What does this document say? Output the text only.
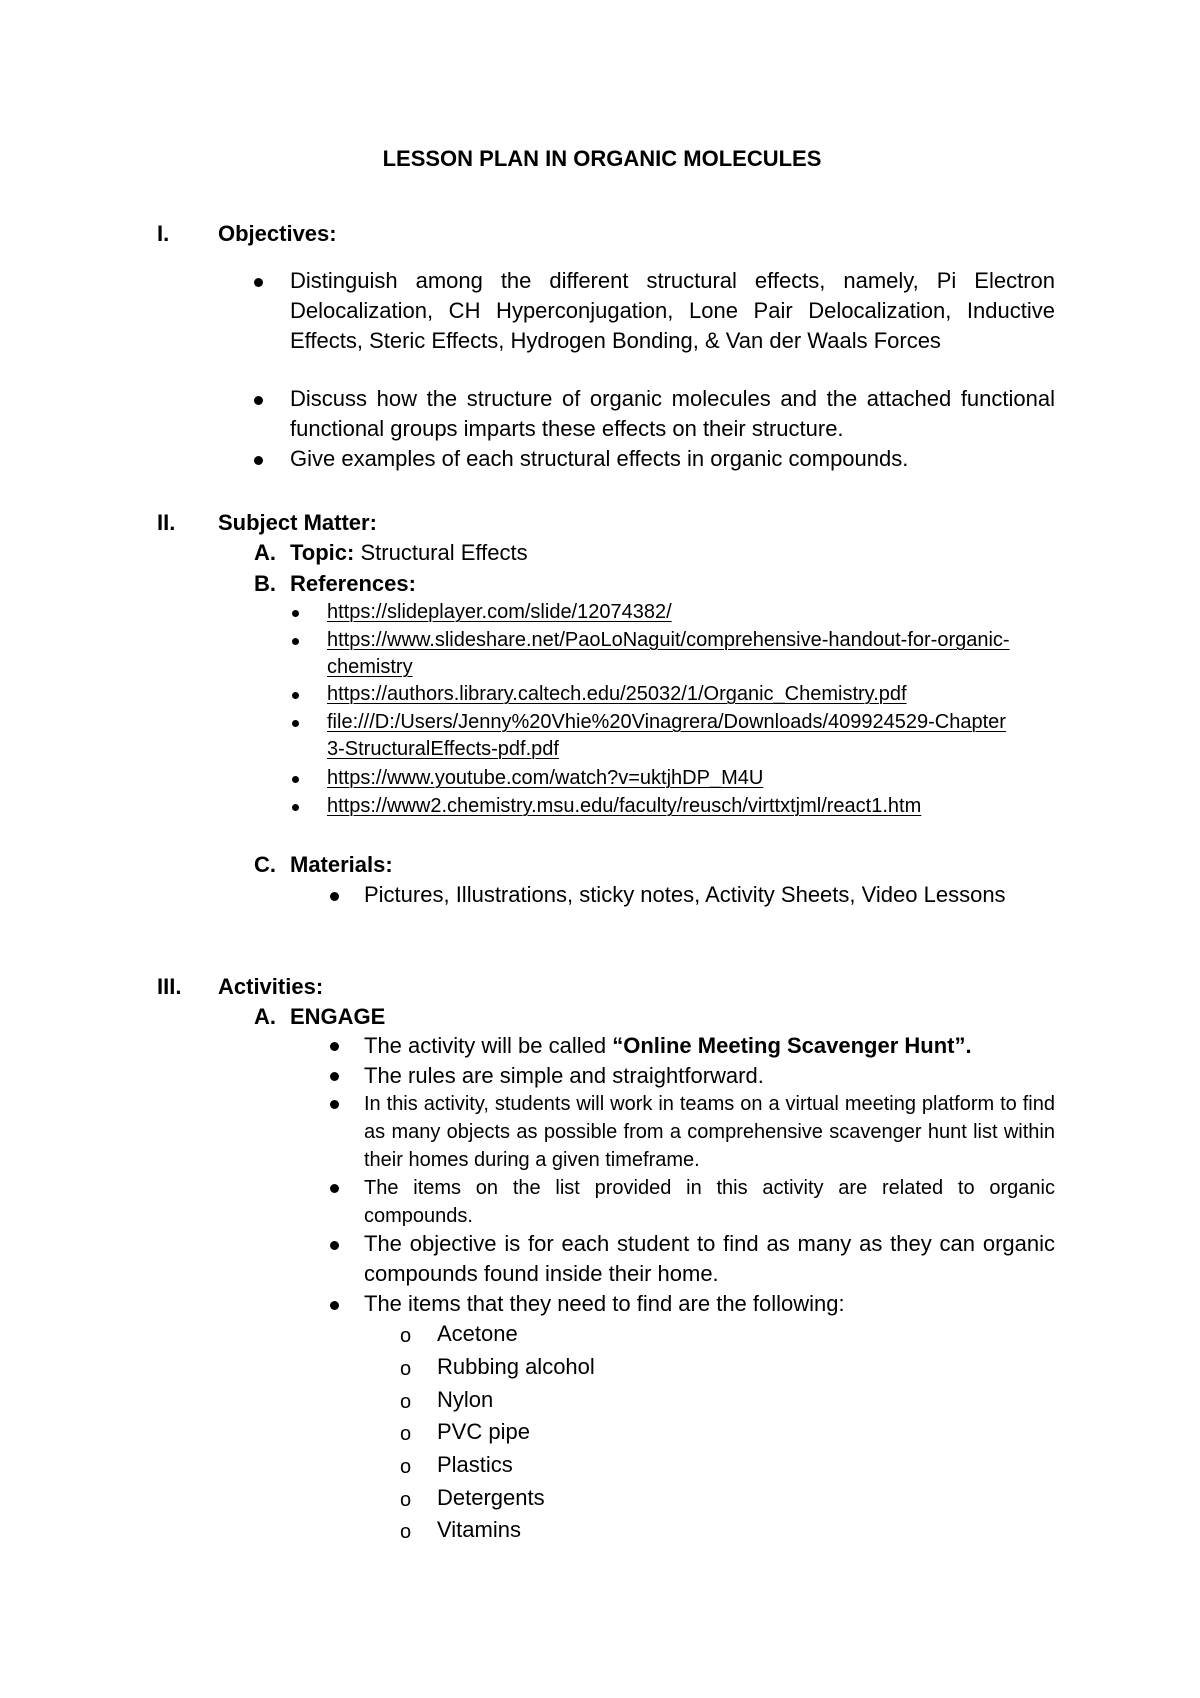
LESSON PLAN IN ORGANIC MOLECULES
I. Objectives:
Distinguish among the different structural effects, namely, Pi Electron Delocalization, CH Hyperconjugation, Lone Pair Delocalization, Inductive Effects, Steric Effects, Hydrogen Bonding, & Van der Waals Forces
Discuss how the structure of organic molecules and the attached functional functional groups imparts these effects on their structure.
Give examples of each structural effects in organic compounds.
II. Subject Matter:
A. Topic: Structural Effects
B. References:
https://slideplayer.com/slide/12074382/
https://www.slideshare.net/PaoLoNaguit/comprehensive-handout-for-organic-chemistry
https://authors.library.caltech.edu/25032/1/Organic_Chemistry.pdf
file:///D:/Users/Jenny%20Vhie%20Vinagrera/Downloads/409924529-Chapter3-StructuralEffects-pdf.pdf
https://www.youtube.com/watch?v=uktjhDP_M4U
https://www2.chemistry.msu.edu/faculty/reusch/virttxtjml/react1.htm
C. Materials:
Pictures, Illustrations, sticky notes, Activity Sheets, Video Lessons
III. Activities:
A. ENGAGE
The activity will be called “Online Meeting Scavenger Hunt”.
The rules are simple and straightforward.
In this activity, students will work in teams on a virtual meeting platform to find as many objects as possible from a comprehensive scavenger hunt list within their homes during a given timeframe.
The items on the list provided in this activity are related to organic compounds.
The objective is for each student to find as many as they can organic compounds found inside their home.
The items that they need to find are the following:
o Acetone
o Rubbing alcohol
o Nylon
o PVC pipe
o Plastics
o Detergents
o Vitamins
